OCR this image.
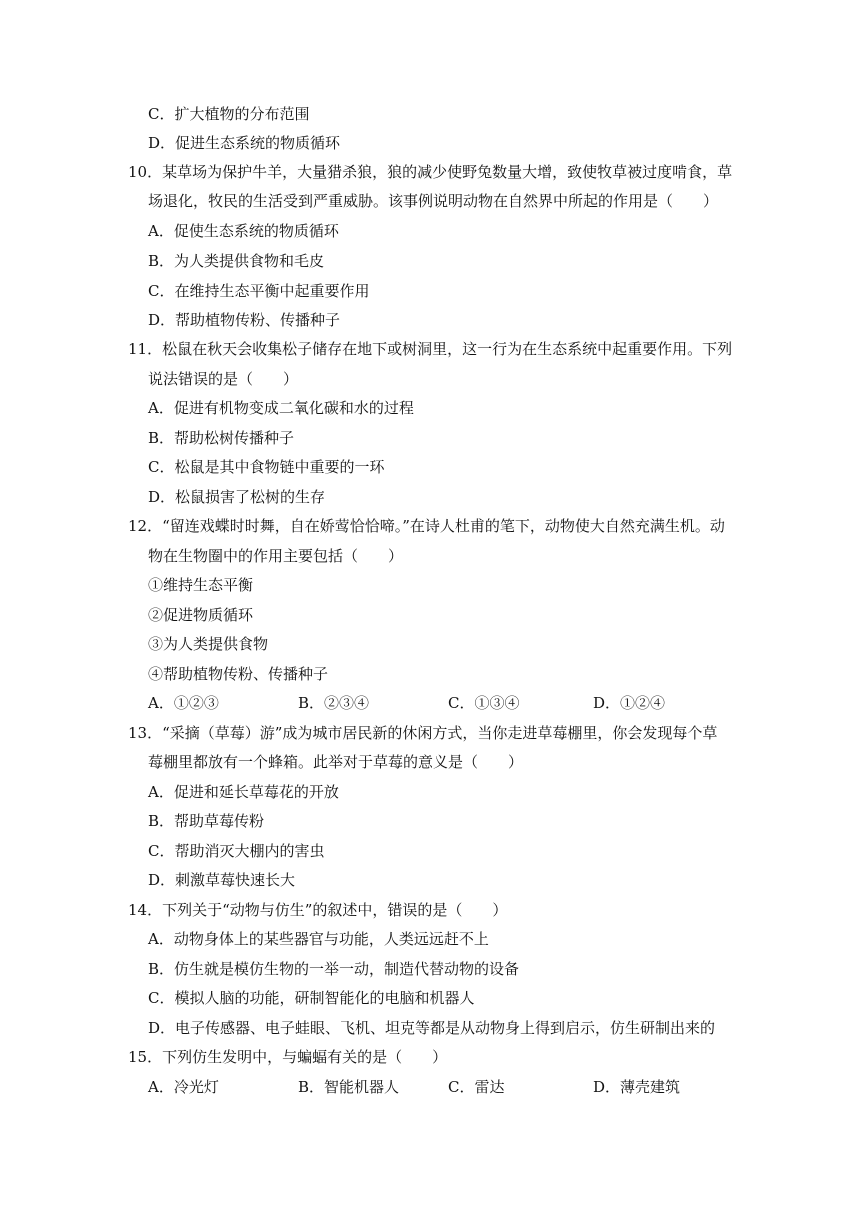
C．扩大植物的分布范围
D．促进生态系统的物质循环
10．某草场为保护牛羊，大量猎杀狼，狼的减少使野兔数量大增，致使牧草被过度啃食，草
场退化，牧民的生活受到严重威胁。该事例说明动物在自然界中所起的作用是（　　）
A．促使生态系统的物质循环
B．为人类提供食物和毛皮
C．在维持生态平衡中起重要作用
D．帮助植物传粉、传播种子
11．松鼠在秋天会收集松子储存在地下或树洞里，这一行为在生态系统中起重要作用。下列
说法错误的是（　　）
A．促进有机物变成二氧化碳和水的过程
B．帮助松树传播种子
C．松鼠是其中食物链中重要的一环
D．松鼠损害了松树的生存
12．“留连戏蝶时时舞，自在娇莺恰恰啼。”在诗人杜甫的笔下，动物使大自然充满生机。动
物在生物圈中的作用主要包括（　　）
①维持生态平衡
②促进物质循环
③为人类提供食物
④帮助植物传粉、传播种子
13．“采摘（草莓）游”成为城市居民新的休闲方式，当你走进草莓棚里，你会发现每个草
莓棚里都放有一个蜂箱。此举对于草莓的意义是（　　）
A．促进和延长草莓花的开放
B．帮助草莓传粉
C．帮助消灭大棚内的害虫
D．刺激草莓快速长大
14．下列关于“动物与仿生”的叙述中，错误的是（　　）
A．动物身体上的某些器官与功能，人类远远赶不上
B．仿生就是模仿生物的一举一动，制造代替动物的设备
C．模拟人脑的功能，研制智能化的电脑和机器人
D．电子传感器、电子蛙眼、飞机、坦克等都是从动物身上得到启示，仿生研制出来的
15．下列仿生发明中，与蝙蝠有关的是（　　）
A．①②③	B．②③④	C．①③④	D．①②④
A．冷光灯	B．智能机器人	C．雷达	D．薄壳建筑
